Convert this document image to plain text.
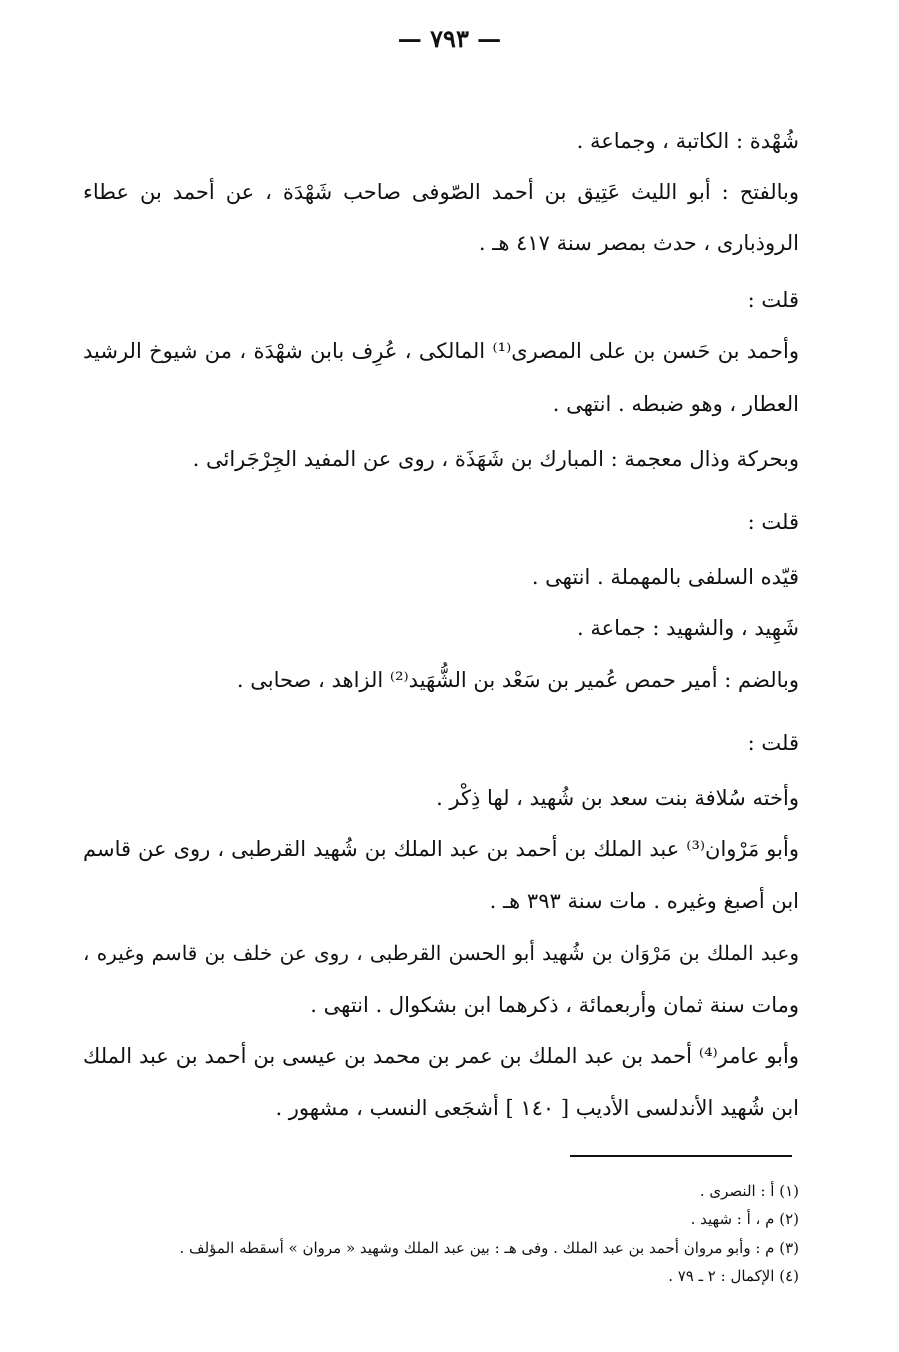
— ٧٩٣ —
شُهْدة : الكاتبة ، وجماعة .
وبالفتح : أبو الليث عَتِيق بن أحمد الصّوفى صاحب شَهْدَة ، عن أحمد بن عطاء
الروذبارى ، حدث بمصر سنة ٤١٧ هـ .
قلت :
وأحمد بن حَسن بن على المصرى⁽¹⁾ المالكى ، عُرِف بابن شهْدَة ، من شيوخ الرشيد
العطار ، وهو ضبطه . انتهى .
وبحركة وذال معجمة : المبارك بن شَهَذَة ، روى عن المفيد الجِرْجَرائى .
قلت :
قيّده السلفى بالمهملة . انتهى .
شَهِيد ، والشهيد : جماعة .
وبالضم : أمير حمص عُمير بن سَعْد بن الشُّهَيد⁽²⁾ الزاهد ، صحابى .
قلت :
وأخته سُلافة بنت سعد بن شُهيد ، لها ذِكْر .
وأبو مَرْوان⁽³⁾ عبد الملك بن أحمد بن عبد الملك بن شُهيد القرطبى ، روى عن قاسم
ابن أصبغ وغيره . مات سنة ٣٩٣ هـ .
وعبد الملك بن مَرْوَان بن شُهيد أبو الحسن القرطبى ، روى عن خلف بن قاسم وغيره ،
ومات سنة ثمان وأربعمائة ، ذكرهما ابن بشكوال . انتهى .
وأبو عامر⁽⁴⁾ أحمد بن عبد الملك بن عمر بن محمد بن عيسى بن أحمد بن عبد الملك
ابن شُهيد الأندلسى الأديب [ ١٤٠ ] أشجَعى النسب ، مشهور .
(١) أ : النصرى .
(٢) م ، أ : شهيد .
(٣) م : وأبو مروان أحمد بن عبد الملك . وفى هـ : بين عبد الملك وشهيد « مروان » أسقطه المؤلف .
(٤) الإكمال : ٢ ـ ٧٩ .
